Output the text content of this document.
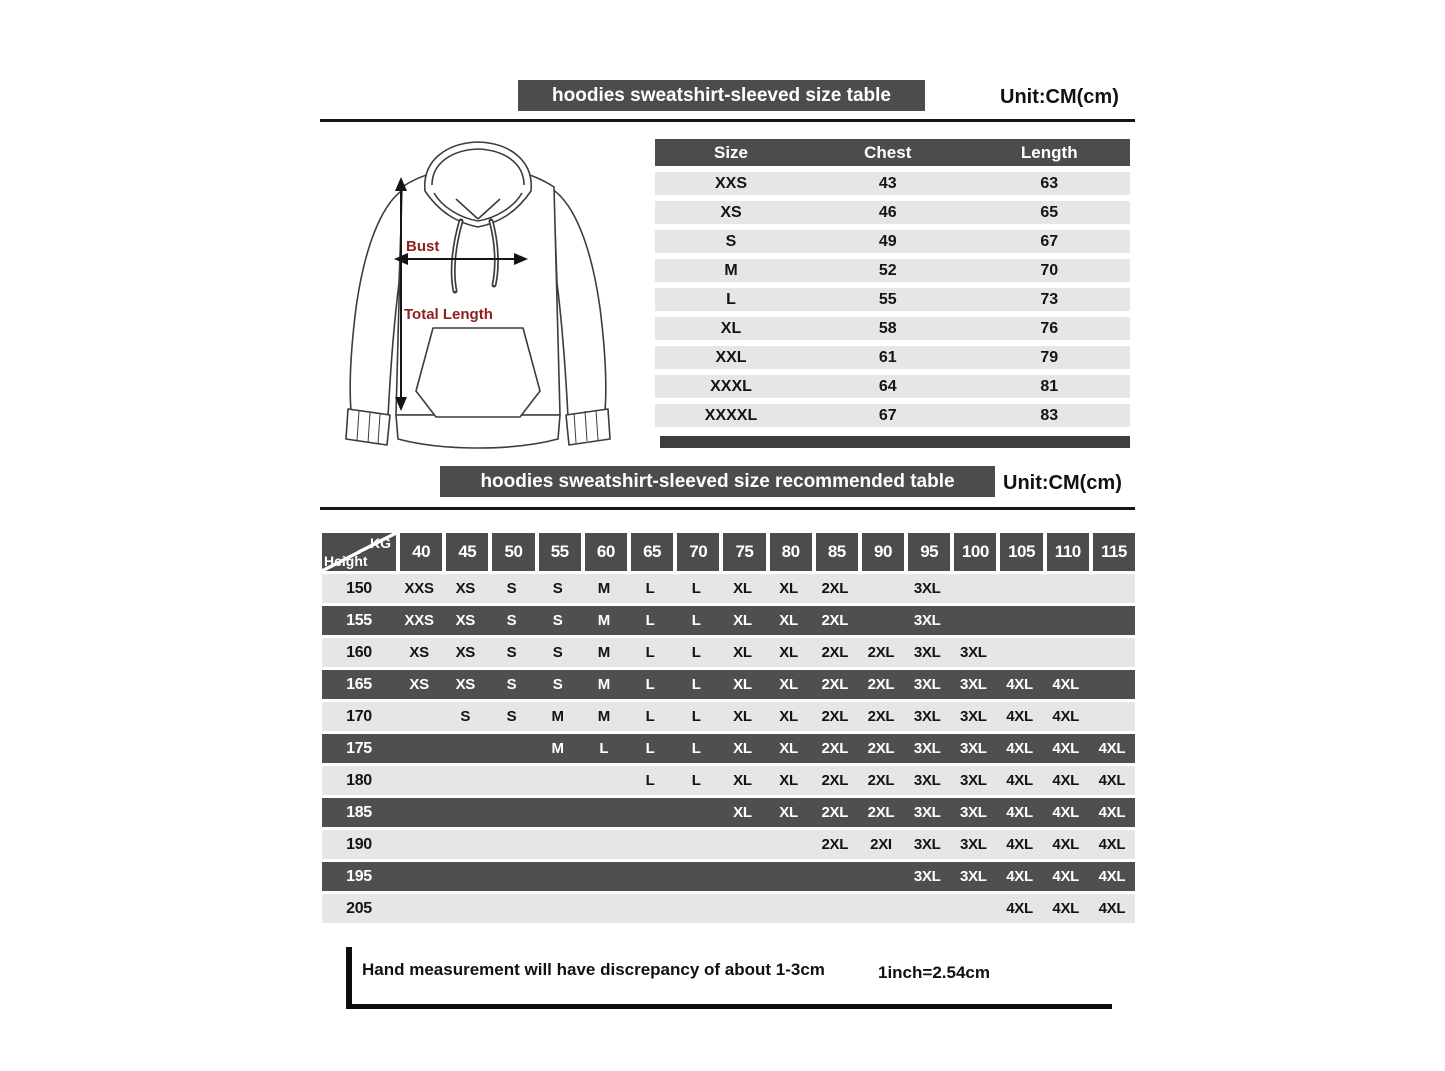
hoodies sweatshirt-sleeved size table	Unit:CM(cm)
Bust
Total Length
Size	Chest	Length
XXS	43	63
XS	46	65
S	49	67
M	52	70
L	55	73
XL	58	76
XXL	61	79
XXXL	64	81
XXXXL	67	83
hoodies sweatshirt-sleeved size recommended table Unit:CM(cm)
KG
Height	40	45	50	55	60	65	70	75	80	85	90	95	100	105	110	115
150	XXS	XS	S	S	M	L	L	XL	XL	2XL		3XL				
155	XXS	XS	S	S	M	L	L	XL	XL	2XL		3XL				
160	XS	XS	S	S	M	L	L	XL	XL	2XL	2XL	3XL	3XL			
165	XS	XS	S	S	M	L	L	XL	XL	2XL	2XL	3XL	3XL	4XL	4XL	
170		S	S	M	M	L	L	XL	XL	2XL	2XL	3XL	3XL	4XL	4XL	
175				M	L	L	L	XL	XL	2XL	2XL	3XL	3XL	4XL	4XL	4XL
180						L	L	XL	XL	2XL	2XL	3XL	3XL	4XL	4XL	4XL
185								XL	XL	2XL	2XL	3XL	3XL	4XL	4XL	4XL
190										2XL	2XI	3XL	3XL	4XL	4XL	4XL
195												3XL	3XL	4XL	4XL	4XL
205														4XL	4XL	4XL
Hand measurement will have discrepancy of about 1-3cm	1inch=2.54cm
